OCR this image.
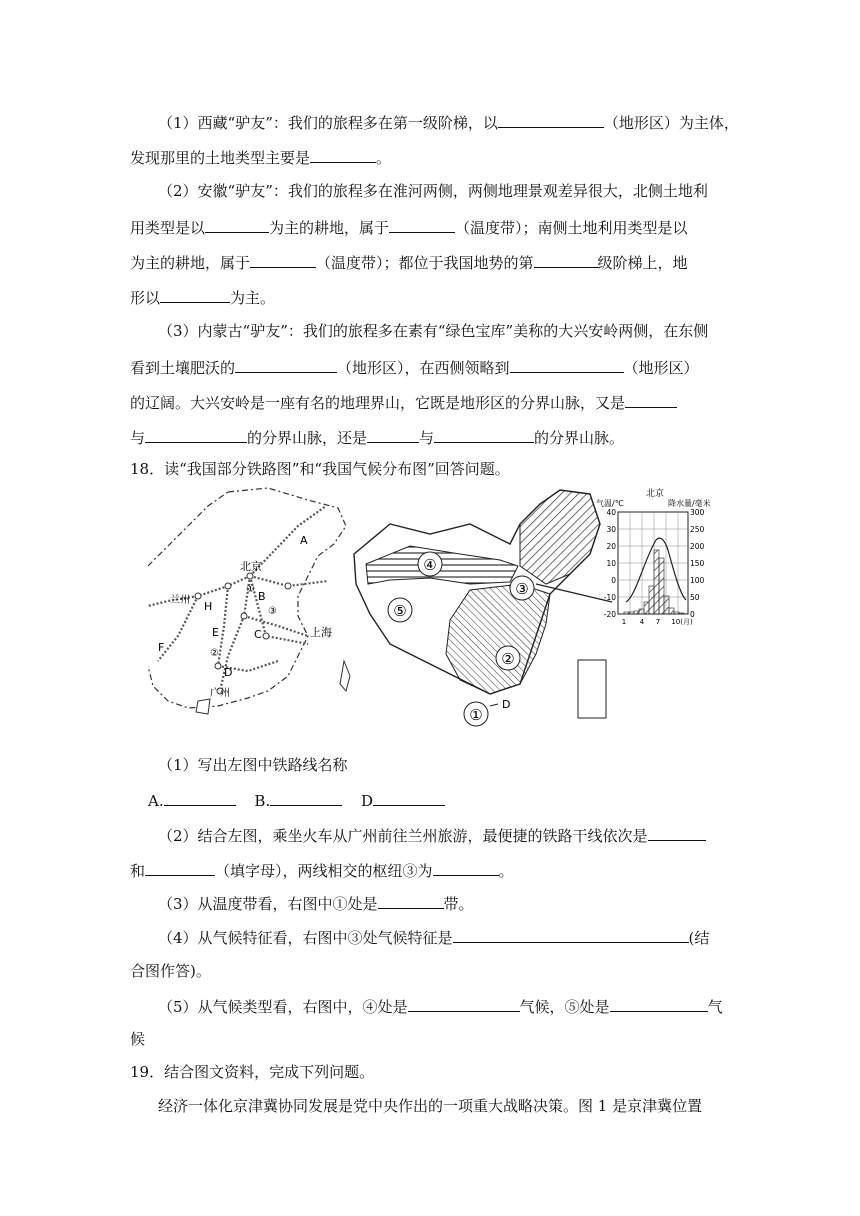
（1）西藏“驴友”：我们的旅程多在第一级阶梯，以	（地形区）为主体，
发现那里的土地类型主要是	。
（2）安徽“驴友”：我们的旅程多在淮河两侧，两侧地理景观差异很大，北侧土地利
用类型是以	为主的耕地，属于	（温度带）；南侧土地利用类型是以
为主的耕地，属于	（温度带）；都位于我国地势的第	级阶梯上，地
形以	为主。
（3）内蒙古“驴友”：我们的旅程多在素有“绿色宝库”美称的大兴安岭两侧，在东侧
看到土壤肥沃的	（地形区），在西侧领略到	（地形区）
的辽阔。大兴安岭是一座有名的地理界山，它既是地形区的分界山脉，又是
与	的分界山脉，还是	与	的分界山脉。
18．读“我国部分铁路图”和“我国气候分布图”回答问题。
北京
兰州
上海
广州
A
B
C
D
E
F
H
①
②
③
④
⑤
③
②
①
D
北京
气温/℃	降水量/毫米
40
30
20
10
0
-10
-20
300
250
200
150
100
50
0
1 4 7 10(月)
（1）写出左图中铁路线名称
A.	B.	D
（2）结合左图，乘坐火车从广州前往兰州旅游，最便捷的铁路干线依次是
和	（填字母），两线相交的枢纽③为	。
（3）从温度带看，右图中①处是	带。
（4）从气候特征看，右图中③处气候特征是	(结
合图作答)。
（5）从气候类型看，右图中，④处是	气候，⑤处是	气
候
19．结合图文资料，完成下列问题。
经济一体化京津冀协同发展是党中央作出的一项重大战略决策。图 1 是京津冀位置
